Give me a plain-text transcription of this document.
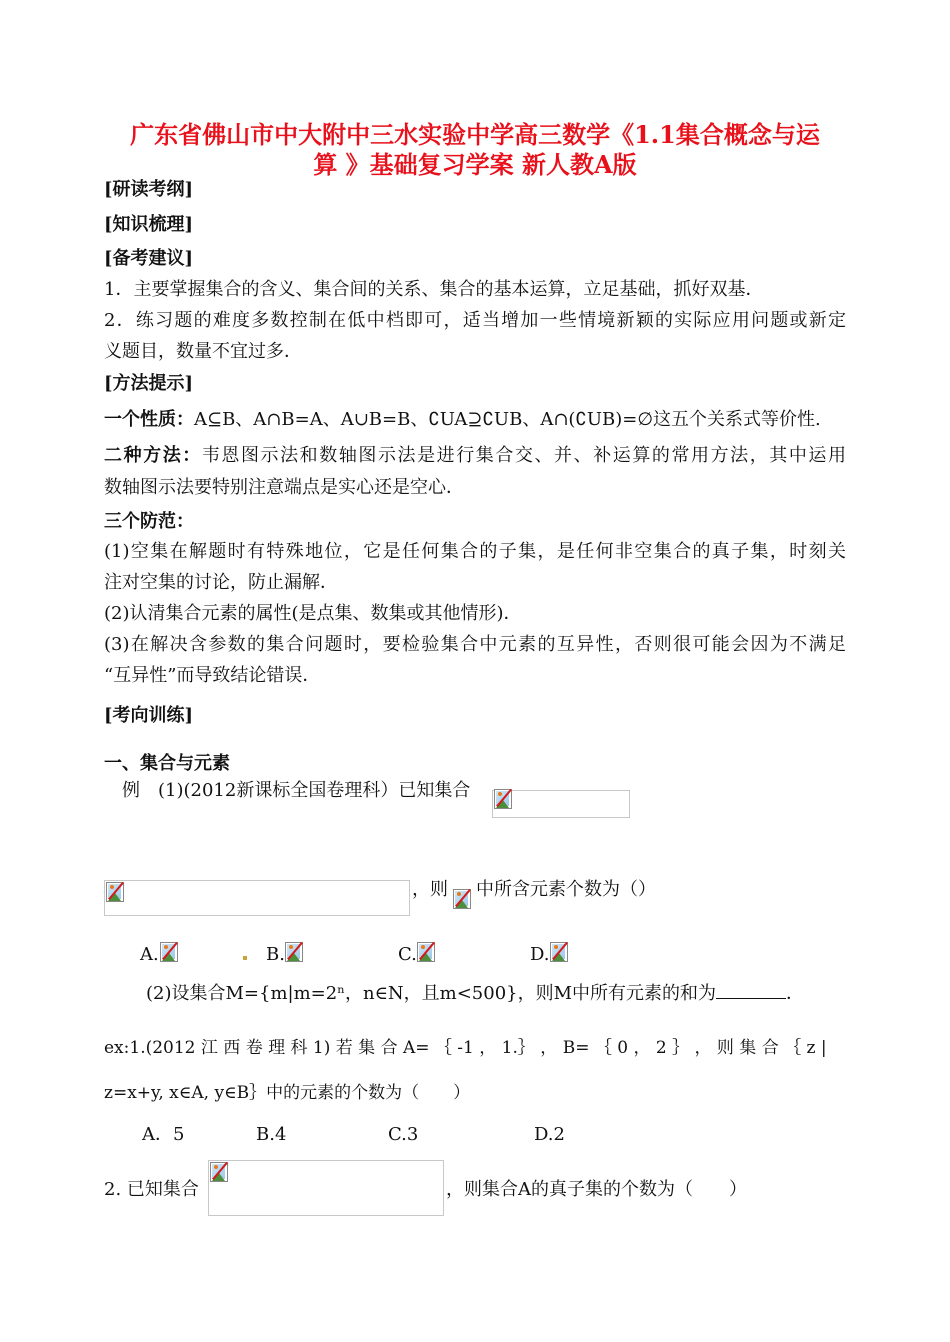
广东省佛山市中大附中三水实验中学高三数学《1.1集合概念与运
算 》基础复习学案 新人教A版
[研读考纲]
[知识梳理]
[备考建议]
1．主要掌握集合的含义、集合间的关系、集合的基本运算，立足基础，抓好双基．
2．练习题的难度多数控制在低中档即可，适当增加一些情境新颖的实际应用问题或新定
义题目，数量不宜过多．
[方法提示]
一个性质：A⊆B、A∩B=A、A∪B=B、∁UA⊇∁UB、A∩(∁UB)=∅这五个关系式等价性.
二种方法：韦恩图示法和数轴图示法是进行集合交、并、补运算的常用方法，其中运用
数轴图示法要特别注意端点是实心还是空心．
三个防范：
(1)空集在解题时有特殊地位，它是任何集合的子集，是任何非空集合的真子集，时刻关
注对空集的讨论，防止漏解．
(2)认清集合元素的属性(是点集、数集或其他情形)．
(3)在解决含参数的集合问题时，要检验集合中元素的互异性，否则很可能会因为不满足
“互异性”而导致结论错误．
[考向训练]
一、集合与元素
例　(1)(2012新课标全国卷理科）已知集合
，则 中所含元素个数为（）
A.	B.	C.	D.
(2)设集合M={m|m=2ⁿ，n∈N，且m<500}，则M中所有元素的和为	．
ex:1.(2012 江 西 卷 理 科 1) 若 集 合 A= ｛ -1 ， 1.｝ ， B= ｛ 0 ， 2 ｝ ， 则 集 合 ｛ z |
z=x+y, x∈A, y∈B｝中的元素的个数为（　　）
A．5	B.4	C.3	D.2
2. 已知集合	，则集合A的真子集的个数为（　　）
